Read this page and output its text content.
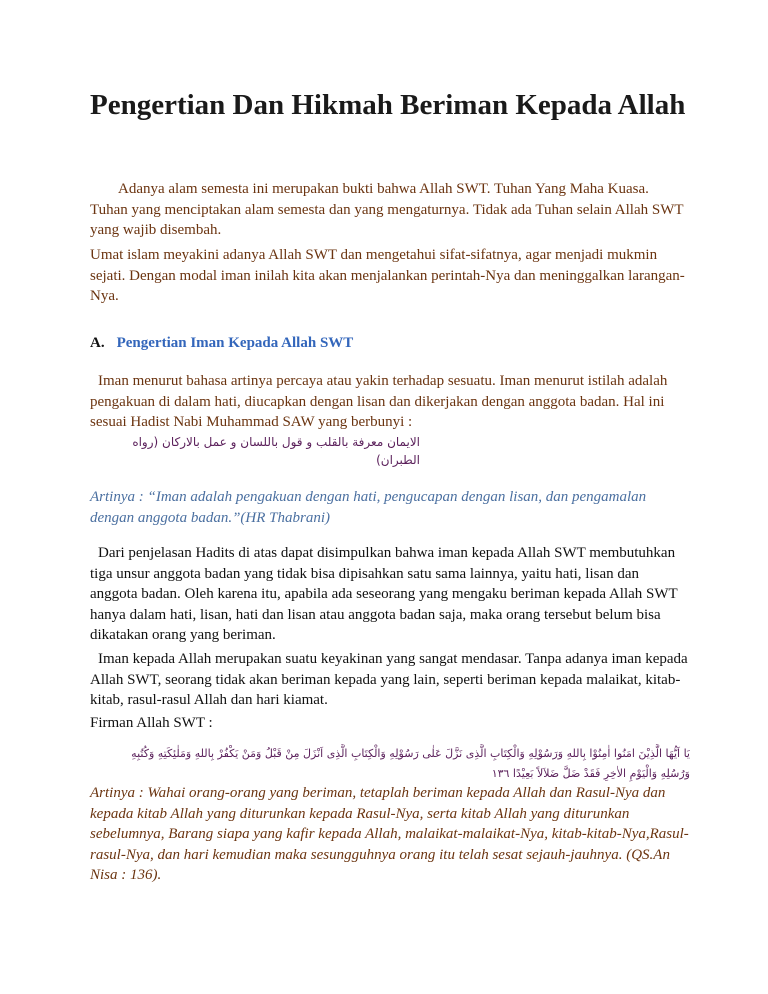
Pengertian Dan Hikmah Beriman Kepada Allah

Adanya alam semesta ini merupakan bukti bahwa Allah SWT. Tuhan Yang Maha Kuasa. Tuhan yang menciptakan alam semesta dan yang mengaturnya. Tidak ada Tuhan selain Allah SWT yang wajib disembah.

Umat islam meyakini adanya Allah SWT dan mengetahui sifat-sifatnya, agar menjadi mukmin sejati. Dengan modal iman inilah kita akan menjalankan perintah-Nya dan meninggalkan larangan-Nya.

A. Pengertian Iman Kepada Allah SWT

Iman menurut bahasa artinya percaya atau yakin terhadap sesuatu. Iman menurut istilah adalah pengakuan di dalam hati, diucapkan dengan lisan dan dikerjakan dengan anggota badan. Hal ini sesuai Hadist Nabi Muhammad SAW yang berbunyi :

الايمان معرفة بالقلب و قول باللسان و عمل بالاركان (رواه الطبران)

Artinya : “Iman adalah pengakuan dengan hati, pengucapan dengan lisan, dan pengamalan dengan anggota badan.”(HR Thabrani)

Dari penjelasan Hadits di atas dapat disimpulkan bahwa iman kepada Allah SWT membutuhkan tiga unsur anggota badan yang tidak bisa dipisahkan satu sama lainnya, yaitu hati, lisan dan anggota badan. Oleh karena itu, apabila ada seseorang yang mengaku beriman kepada Allah SWT hanya dalam hati, lisan, hati dan lisan atau anggota badan saja, maka orang tersebut belum bisa dikatakan orang yang beriman.

Iman kepada Allah merupakan suatu keyakinan yang sangat mendasar. Tanpa adanya iman kepada Allah SWT, seorang tidak akan beriman kepada yang lain, seperti beriman kepada malaikat, kitab-kitab, rasul-rasul Allah dan hari kiamat.

Firman Allah SWT :

يَا اَيُّهَا الَّذِيْنَ امَنُوا اٰمِنُوْا بِاللهِ وَرَسُوْلِهِ وَالْكِتَابِ الَّذِى نَزَّلَ عَلٰى رَسُوْلِهِ وَالْكِتَابِ الَّذِى اَنْزَلَ مِنْ قَبْلُ وَمَنْ يَكْفُرْ بِاللهِ وَمَلٰئِكَتِهِ وَكُتُبِهِ
وَرُسُلِهِ وَالْيَوْمِ الاٰخِرِ فَقَدْ ضَلَّ ضَلاَلاً بَعِيْدًا ١٣٦

Artinya : Wahai orang-orang yang beriman, tetaplah beriman kepada Allah dan Rasul-Nya dan kepada kitab Allah yang diturunkan kepada Rasul-Nya, serta kitab Allah yang diturunkan sebelumnya, Barang siapa yang kafir kepada Allah, malaikat-malaikat-Nya, kitab-kitab-Nya,Rasul-rasul-Nya, dan hari kemudian maka sesungguhnya orang itu telah sesat sejauh-jauhnya. (QS.An Nisa : 136).
